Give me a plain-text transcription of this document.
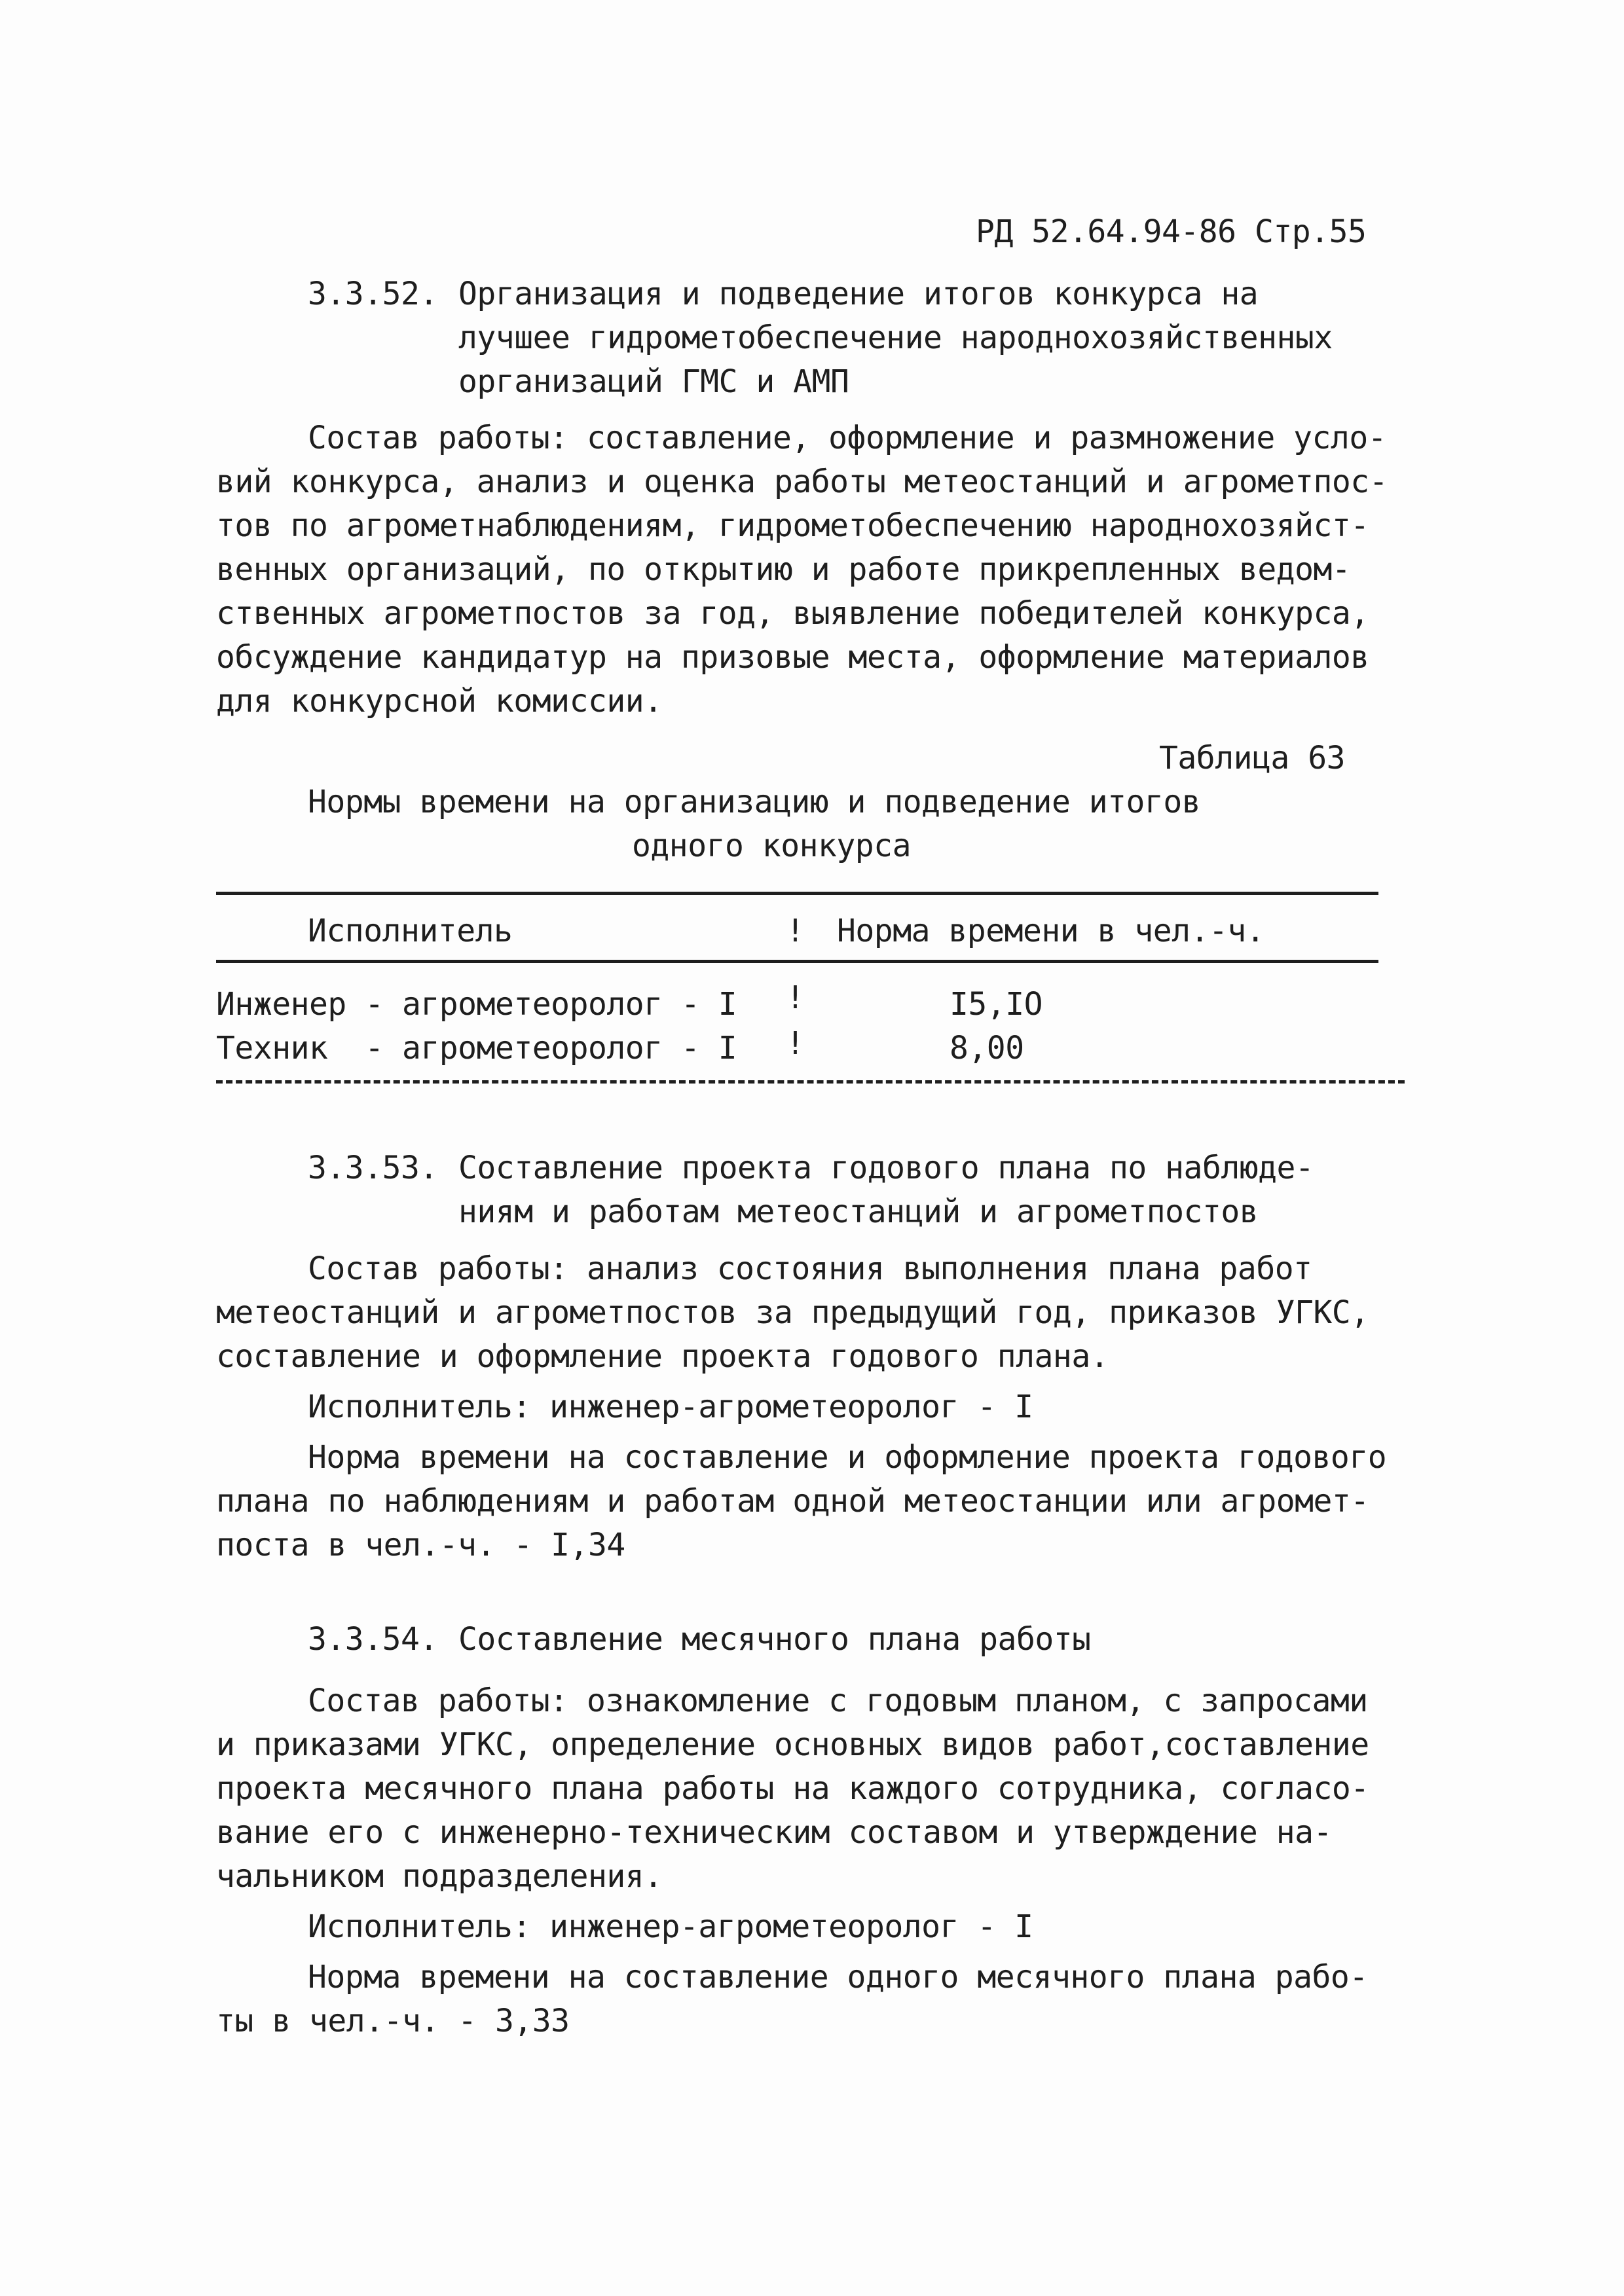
РД 52.64.94-86 Стр.55
3.3.52. Организация и подведение итогов конкурса на
лучшее гидрометобеспечение народнохозяйственных
организаций ГМС и АМП
Состав работы: составление, оформление и размножение усло-
вий конкурса, анализ и оценка работы метеостанций и агрометпос-
тов по агрометнаблюдениям, гидрометобеспечению народнохозяйст-
венных организаций, по открытию и работе прикрепленных ведом-
ственных агрометпостов за год, выявление победителей конкурса,
обсуждение кандидатур на призовые места, оформление материалов
для конкурсной комиссии.
Таблица 63
Нормы времени на организацию и подведение итогов
одного конкурса
Исполнитель	! Норма времени в чел.-ч.
Инженер - агрометеоролог - I !	I5,IO
Техник  - агрометеоролог - I !	8,00
3.3.53. Составление проекта годового плана по наблюде-
ниям и работам метеостанций и агрометпостов
Состав работы: анализ состояния выполнения плана работ
метеостанций и агрометпостов за предыдущий год, приказов УГКС,
составление и оформление проекта годового плана.
Исполнитель: инженер-агрометеоролог - I
Норма времени на составление и оформление проекта годового
плана по наблюдениям и работам одной метеостанции или агромет-
поста в чел.-ч. - I,34
3.3.54. Составление месячного плана работы
Состав работы: ознакомление с годовым планом, с запросами
и приказами УГКС, определение основных видов работ,составление
проекта месячного плана работы на каждого сотрудника, согласо-
вание его с инженерно-техническим составом и утверждение на-
чальником подразделения.
Исполнитель: инженер-агрометеоролог - I
Норма времени на составление одного месячного плана рабо-
ты в чел.-ч. - 3,33
